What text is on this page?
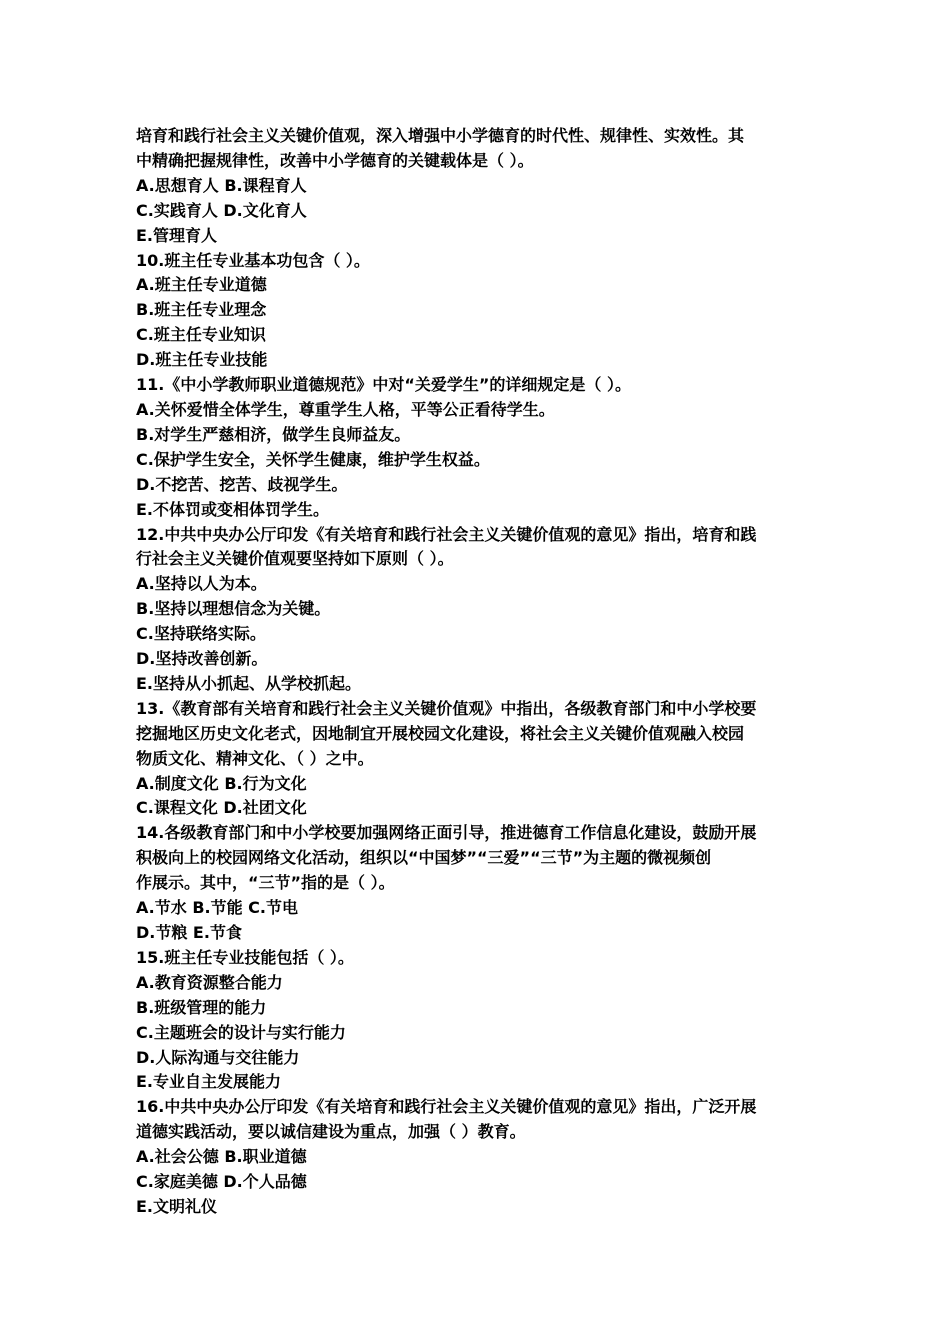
培育和践行社会主义关键价值观，深入增强中小学德育的时代性、规律性、实效性。其
中精确把握规律性，改善中小学德育的关键载体是（ ）。
A.思想育人 B.课程育人
C.实践育人 D.文化育人
E.管理育人
10.班主任专业基本功包含（ ）。
A.班主任专业道德
B.班主任专业理念
C.班主任专业知识
D.班主任专业技能
11.《中小学教师职业道德规范》中对“关爱学生”的详细规定是（ ）。
A.关怀爱惜全体学生，尊重学生人格，平等公正看待学生。
B.对学生严慈相济，做学生良师益友。
C.保护学生安全，关怀学生健康，维护学生权益。
D.不挖苦、挖苦、歧视学生。
E.不体罚或变相体罚学生。
12.中共中央办公厅印发《有关培育和践行社会主义关键价值观的意见》指出，培育和践
行社会主义关键价值观要坚持如下原则（ ）。
A.坚持以人为本。
B.坚持以理想信念为关键。
C.坚持联络实际。
D.坚持改善创新。
E.坚持从小抓起、从学校抓起。
13.《教育部有关培育和践行社会主义关键价值观》中指出，各级教育部门和中小学校要
挖掘地区历史文化老式，因地制宜开展校园文化建设，将社会主义关键价值观融入校园
物质文化、精神文化、（ ）之中。
A.制度文化 B.行为文化
C.课程文化 D.社团文化
14.各级教育部门和中小学校要加强网络正面引导，推进德育工作信息化建设，鼓励开展
积极向上的校园网络文化活动，组织以“中国梦”“三爱”“三节”为主题的微视频创
作展示。其中，“三节”指的是（ ）。
A.节水 B.节能 C.节电
D.节粮 E.节食
15.班主任专业技能包括（ ）。
A.教育资源整合能力
B.班级管理的能力
C.主题班会的设计与实行能力
D.人际沟通与交往能力
E.专业自主发展能力
16.中共中央办公厅印发《有关培育和践行社会主义关键价值观的意见》指出，广泛开展
道德实践活动，要以诚信建设为重点，加强（ ）教育。
A.社会公德 B.职业道德
C.家庭美德 D.个人品德
E.文明礼仪
